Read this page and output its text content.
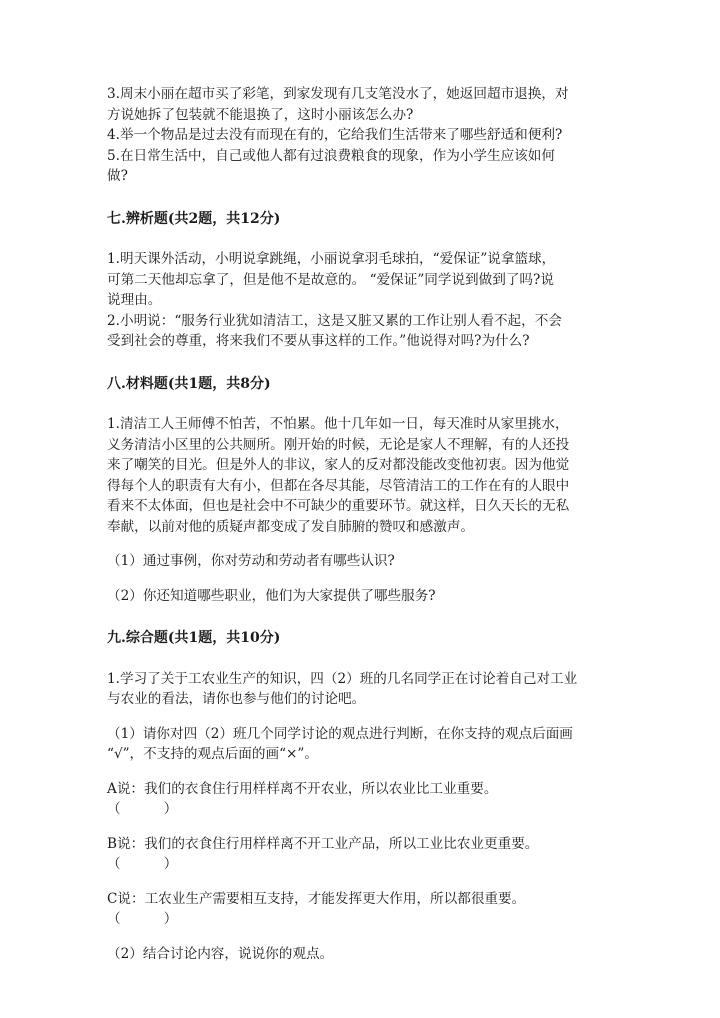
3.周末小丽在超市买了彩笔，到家发现有几支笔没水了，她返回超市退换，对

方说她拆了包装就不能退换了，这时小丽该怎么办?

4.举一个物品是过去没有而现在有的，它给我们生活带来了哪些舒适和便利?

5.在日常生活中，自己或他人都有过浪费粮食的现象，作为小学生应该如何

做?

七.辨析题(共2题，共12分)

1.明天课外活动，小明说拿跳绳，小丽说拿羽毛球拍，“爱保证”说拿篮球，

可第二天他却忘拿了，但是他不是故意的。 “爱保证”同学说到做到了吗?说

说理由。

2.小明说：“服务行业犹如清洁工，这是又脏又累的工作让别人看不起，不会

受到社会的尊重，将来我们不要从事这样的工作。”他说得对吗?为什么?

八.材料题(共1题，共8分)

1.清洁工人王师傅不怕苦，不怕累。他十几年如一日，每天准时从家里挑水，

义务清洁小区里的公共厕所。刚开始的时候，无论是家人不理解，有的人还投

来了嘲笑的目光。但是外人的非议，家人的反对都没能改变他初衷。因为他觉

得每个人的职责有大有小，但都在各尽其能，尽管清洁工的工作在有的人眼中

看来不太体面，但也是社会中不可缺少的重要环节。就这样，日久天长的无私

奉献，以前对他的质疑声都变成了发自肺腑的赞叹和感激声。

（1）通过事例，你对劳动和劳动者有哪些认识?

（2）你还知道哪些职业，他们为大家提供了哪些服务?

九.综合题(共1题，共10分)

1.学习了关于工农业生产的知识，四（2）班的几名同学正在讨论着自己对工业

与农业的看法，请你也参与他们的讨论吧。

（1）请你对四（2）班几个同学讨论的观点进行判断，在你支持的观点后面画

“√”，不支持的观点后面的画“×”。

A说：我们的衣食住行用样样离不开农业，所以农业比工业重要。

（          ）

B说：我们的衣食住行用样样离不开工业产品，所以工业比农业更重要。

（          ）

C说：工农业生产需要相互支持，才能发挥更大作用，所以都很重要。

（          ）

（2）结合讨论内容，说说你的观点。
